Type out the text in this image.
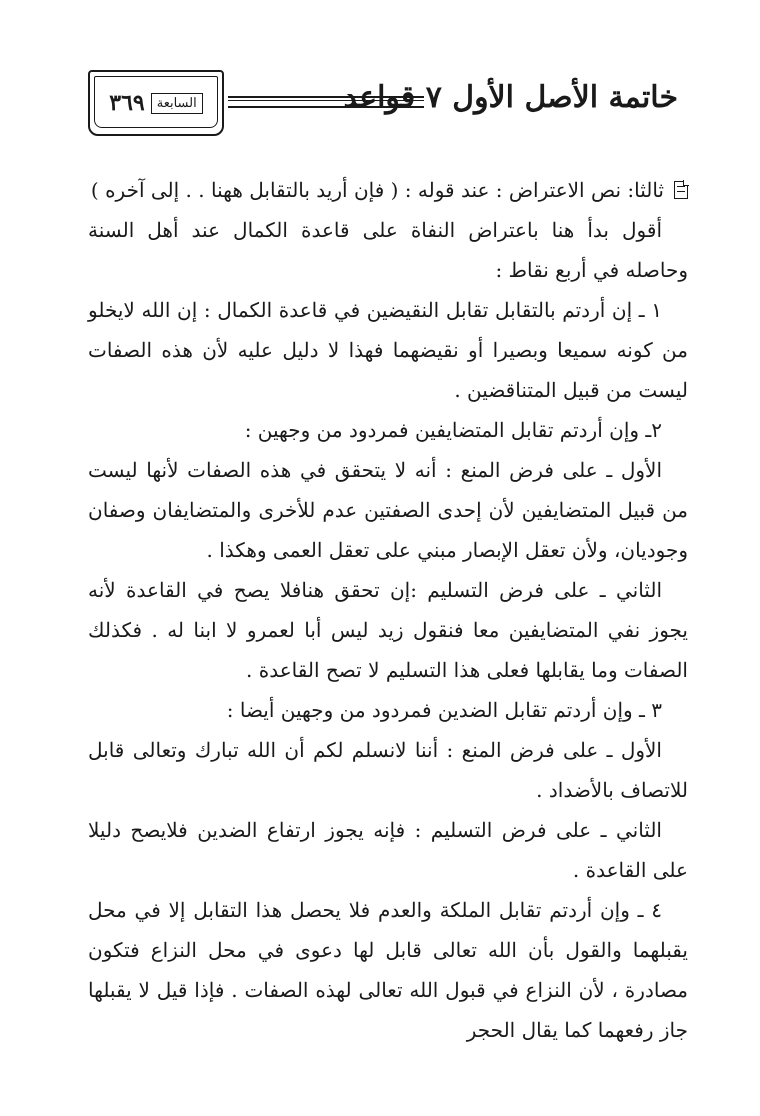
السابعة
٣٦٩	خاتمة الأصل الأول ٧ قواعد
ثالثا: نص الاعتراض : عند قوله : ( فإن أريد بالتقابل ههنا . . إلى آخره )

أقول بدأ هنا باعتراض النفاة على قاعدة الكمال عند أهل السنة وحاصله في أربع نقاط :

١ ـ إن أردتم بالتقابل تقابل النقيضين في قاعدة الكمال : إن الله لايخلو من كونه سميعا وبصيرا أو نقيضهما فهذا لا دليل عليه لأن هذه الصفات ليست من قبيل المتناقضين .

٢ـ وإن أردتم تقابل المتضايفين فمردود من وجهين :

الأول ـ على فرض المنع : أنه لا يتحقق في هذه الصفات لأنها ليست من قبيل المتضايفين لأن إحدى الصفتين عدم للأخرى والمتضايفان وصفان وجوديان، ولأن تعقل الإبصار مبني على تعقل العمى وهكذا .

الثاني ـ على فرض التسليم :إن تحقق هنافلا يصح في القاعدة لأنه يجوز نفي المتضايفين معا فنقول زيد ليس أبا لعمرو لا ابنا له . فكذلك الصفات وما يقابلها فعلى هذا التسليم لا تصح القاعدة .

٣ ـ وإن أردتم تقابل الضدين فمردود من وجهين أيضا :

الأول ـ على فرض المنع : أننا لانسلم لكم أن الله تبارك وتعالى قابل للاتصاف بالأضداد .

الثاني ـ على فرض التسليم : فإنه يجوز ارتفاع الضدين فلايصح دليلا على القاعدة .

٤ ـ وإن أردتم تقابل الملكة والعدم فلا يحصل هذا التقابل إلا في محل يقبلهما والقول بأن الله تعالى قابل لها دعوى في محل النزاع فتكون مصادرة ، لأن النزاع في قبول الله تعالى لهذه الصفات . فإذا قيل لا يقبلها جاز رفعهما كما يقال الحجر
